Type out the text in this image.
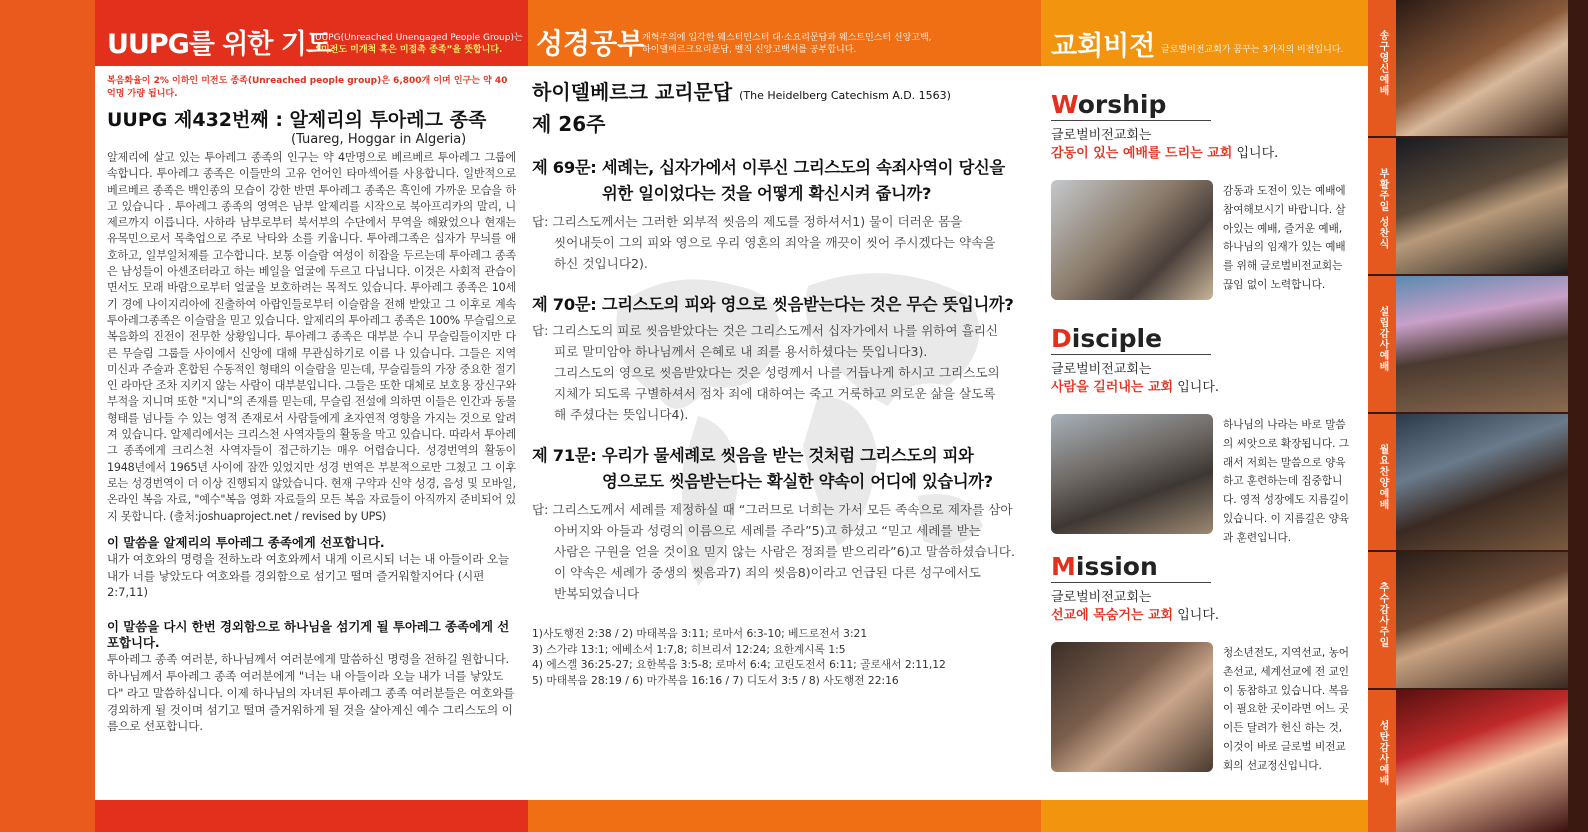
UUPG를 위한 기도
UUPG(Unreached Unengaged People Group)는
“미전도 미개척 혹은 미접촉 종족”을 뜻합니다.	성경공부
개혁주의에 입각한 웨스터민스터 대·소요리문답과 웨스트민스터 신앙고백,
하이델베르크요리문답, 벨직 신앙고백서를 공부합니다.	교회비전 글로벌비전교회가 꿈꾸는 3가지의 비전입니다.
복음화율이 2% 이하인 미전도 종족(Unreached people group)은 6,800개 이며 인구는 약 40억명 가량 됩니다.
UUPG 제432번째 : 알제리의 투아레그 종족
(Tuareg, Hoggar in Algeria)
알제리에 살고 있는 투아레그 종족의 인구는 약 4만명으로 베르베르 투아레그 그룹에 속합니다. 투아레그 종족은 이들만의 고유 언어인 타마섹어를 사용합니다. 일반적으로 베르베르 종족은 백인종의 모습이 강한 반면 투아레그 종족은 흑인에 가까운 모습을 하고 있습니다 . 투아레그 종족의 영역은 남부 알제리를 시작으로 북아프리카의 말리, 니제르까지 이릅니다. 사하라 남부로부터 북서부의 수단에서 무역을 해왔었으나 현재는 유목민으로서 목축업으로 주로 낙타와 소를 키웁니다. 투아레그족은 십자가 무늬를 애호하고, 일부일처제를 고수합니다. 보통 이슬람 여성이 히잡을 두르는데 투아레그 종족은 남성들이 아센조터라고 하는 베일을 얼굴에 두르고 다닙니다. 이것은 사회적 관습이면서도 모래 바람으로부터 얼굴을 보호하려는 목적도 있습니다. 투아레그 종족은 10세기 경에 나이지리아에 진출하여 아랍인들로부터 이슬람을 전해 받았고 그 이후로 계속 투아레그종족은 이슬람을 믿고 있습니다. 알제리의 투아레그 종족은 100% 무슬림으로 복음화의 진전이 전무한 상황입니다. 투아레그 종족은 대부분 수니 무슬림들이지만 다른 무슬림 그룹들 사이에서 신앙에 대해 무관심하기로 이름 나 있습니다. 그들은 지역 미신과 주술과 혼합된 수동적인 형태의 이슬람을 믿는데, 무슬림들의 가장 중요한 절기인 라마단 조차 지키지 않는 사람이 대부분입니다. 그들은 또한 대체로 보호용 장신구와 부적을 지니며 또한 "지니"의 존재를 믿는데, 무슬림 전설에 의하면 이들은 인간과 동물 형태를 넘나들 수 있는 영적 존재로서 사람들에게 초자연적 영향을 가지는 것으로 알려져 있습니다. 알제리에서는 크리스천 사역자들의 활동을 막고 있습니다. 따라서 투아레그 종족에게 크리스천 사역자들이 접근하기는 매우 어렵습니다. 성경번역의 활동이 1948년에서 1965년 사이에 잠깐 있었지만 성경 번역은 부분적으로만 그쳤고 그 이후로는 성경번역이 더 이상 진행되지 않았습니다. 현재 구약과 신약 성경, 음성 및 모바일, 온라인 복음 자료, "예수"복음 영화 자료들의 모든 복음 자료들이 아직까지 준비되어 있지 못합니다. (출처:joshuaproject.net / revised by UPS)
이 말씀을 알제리의 투아레그 종족에게 선포합니다.
내가 여호와의 명령을 전하노라 여호와께서 내게 이르시되 너는 내 아들이라 오늘 내가 너를 낳았도다 여호와를 경외함으로 섬기고 떨며 즐거워할지어다 (시편 2:7,11)
이 말씀을 다시 한번 경외함으로 하나님을 섬기게 될 투아레그 종족에게 선포합니다.
투아레그 종족 여러분, 하나님께서 여러분에게 말씀하신 명령을 전하길 원합니다. 하나님께서 투아레그 종족 여러분에게 "너는 내 아들이라 오늘 내가 너를 낳았도다" 라고 말씀하십니다. 이제 하나님의 자녀된 투아레그 종족 여러분들은 여호와를 경외하게 될 것이며 섬기고 떨며 즐거워하게 될 것을 살아계신 예수 그리스도의 이름으로 선포합니다.
하이델베르크 교리문답 (The Heidelberg Catechism A.D. 1563)
제 26주
제 69문: 세례는, 십자가에서 이루신 그리스도의 속죄사역이 당신을
위한 일이었다는 것을 어떻게 확신시켜 줍니까?
답: 그리스도께서는 그러한 외부적 씻음의 제도를 정하셔서1) 물이 더러운 몸을
씻어내듯이 그의 피와 영으로 우리 영혼의 죄악을 깨끗이 씻어 주시겠다는 약속을
하신 것입니다2).
제 70문: 그리스도의 피와 영으로 씻음받는다는 것은 무슨 뜻입니까?
답: 그리스도의 피로 씻음받았다는 것은 그리스도께서 십자가에서 나를 위하여 흘리신
피로 말미암아 하나님께서 은혜로 내 죄를 용서하셨다는 뜻입니다3).
그리스도의 영으로 씻음받았다는 것은 성령께서 나를 거듭나게 하시고 그리스도의
지체가 되도록 구별하셔서 점차 죄에 대하여는 죽고 거룩하고 의로운 삶을 살도록
해 주셨다는 뜻입니다4).
제 71문: 우리가 물세례로 씻음을 받는 것처럼 그리스도의 피와
영으로도 씻음받는다는 확실한 약속이 어디에 있습니까?
답: 그리스도께서 세례를 제정하실 때 “그러므로 너희는 가서 모든 족속으로 제자를 삼아
아버지와 아들과 성령의 이름으로 세례를 주라”5)고 하셨고 “믿고 세례를 받는
사람은 구원을 얻을 것이요 믿지 않는 사람은 정죄를 받으리라”6)고 말씀하셨습니다.
이 약속은 세례가 중생의 씻음과7) 죄의 씻음8)이라고 언급된 다른 성구에서도
반복되었습니다
1)사도행전 2:38 / 2) 마태복음 3:11; 로마서 6:3-10; 베드로전서 3:21
3) 스가랴 13:1; 에베소서 1:7,8; 히브리서 12:24; 요한계시록 1:5
4) 에스겔 36:25-27; 요한복음 3:5-8; 로마서 6:4; 고린도전서 6:11; 골로새서 2:11,12
5) 마태복음 28:19 / 6) 마가복음 16:16 / 7) 디도서 3:5 / 8) 사도행전 22:16
Worship
글로벌비전교회는
감동이 있는 예배를 드리는 교회 입니다.
감동과 도전이 있는 예배에 참여해보시기 바랍니다. 살아있는 예배, 즐거운 예배, 하나님의 임재가 있는 예배를 위해 글로벌비전교회는 끊임 없이 노력합니다.
Disciple
글로벌비전교회는
사람을 길러내는 교회 입니다.
하나님의 나라는 바로 말씀의 씨앗으로 확장됩니다. 그래서 저희는 말씀으로 양육하고 훈련하는데 집중합니다. 영적 성장에도 지름길이 있습니다. 이 지름길은 양육과 훈련입니다.
Mission
글로벌비전교회는
선교에 목숨거는 교회 입니다.
청소년전도, 지역선교, 농어촌선교, 세계선교에 전 교인이 동참하고 있습니다. 복음이 필요한 곳이라면 어느 곳이든 달려가 헌신 하는 것, 이것이 바로 글로벌 비전교회의 선교정신입니다.
송구영신예배
부활주일 성찬식
설립감사예배
월요찬양예배
추수감사주일
성탄감사예배
